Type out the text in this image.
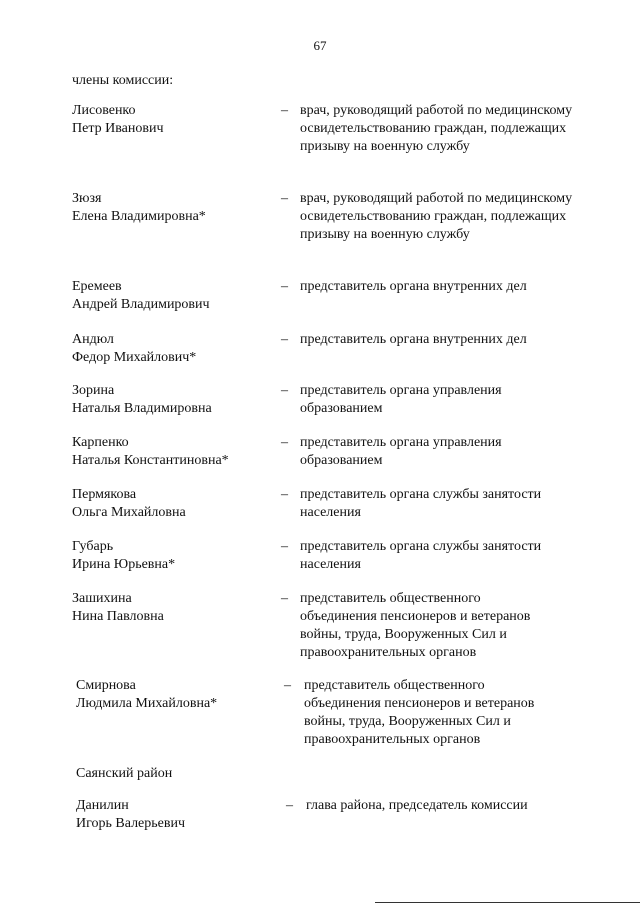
67
члены комиссии:
Лисовенко
Петр Иванович
– врач, руководящий работой по медицинскому освидетельствованию граждан, подлежащих призыву на военную службу
Зюзя
Елена Владимировна*
– врач, руководящий работой по медицинскому освидетельствованию граждан, подлежащих призыву на военную службу
Еремеев
Андрей Владимирович
– представитель органа внутренних дел
Андюл
Федор Михайлович*
– представитель органа внутренних дел
Зорина
Наталья Владимировна
– представитель органа управления образованием
Карпенко
Наталья Константиновна*
– представитель органа управления образованием
Пермякова
Ольга Михайловна
– представитель органа службы занятости населения
Губарь
Ирина Юрьевна*
– представитель органа службы занятости населения
Зашихина
Нина Павловна
– представитель общественного объединения пенсионеров и ветеранов войны, труда, Вооруженных Сил и правоохранительных органов
Смирнова
Людмила Михайловна*
– представитель общественного объединения пенсионеров и ветеранов войны, труда, Вооруженных Сил и правоохранительных органов
Саянский район
Данилин
Игорь Валерьевич
– глава района, председатель комиссии
